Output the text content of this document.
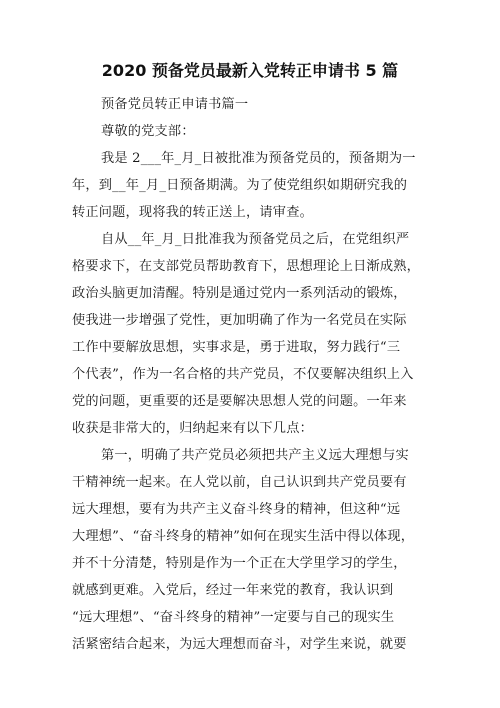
2020 预备党员最新入党转正申请书 5 篇
预备党员转正申请书篇一
尊敬的党支部：
我是 2___年_月_日被批准为预备党员的，预备期为一
年，到__年_月_日预备期满。为了使党组织如期研究我的
转正问题，现将我的转正送上，请审查。
自从__年_月_日批准我为预备党员之后，在党组织严
格要求下，在支部党员帮助教育下，思想理论上日渐成熟，
政治头脑更加清醒。特别是通过党内一系列活动的锻炼，
使我进一步增强了党性，更加明确了作为一名党员在实际
工作中要解放思想，实事求是，勇于进取，努力践行“三
个代表”，作为一名合格的共产党员，不仅要解决组织上入
党的问题，更重要的还是要解决思想人党的问题。一年来
收获是非常大的，归纳起来有以下几点：
第一，明确了共产党员必须把共产主义远大理想与实
干精神统一起来。在人党以前，自己认识到共产党员要有
远大理想，要有为共产主义奋斗终身的精神，但这种“远
大理想”、“奋斗终身的精神”如何在现实生活中得以体现，
并不十分清楚，特别是作为一个正在大学里学习的学生，
就感到更难。入党后，经过一年来党的教育，我认识到
“远大理想”、“奋斗终身的精神”一定要与自己的现实生
活紧密结合起来，为远大理想而奋斗，对学生来说，就要
